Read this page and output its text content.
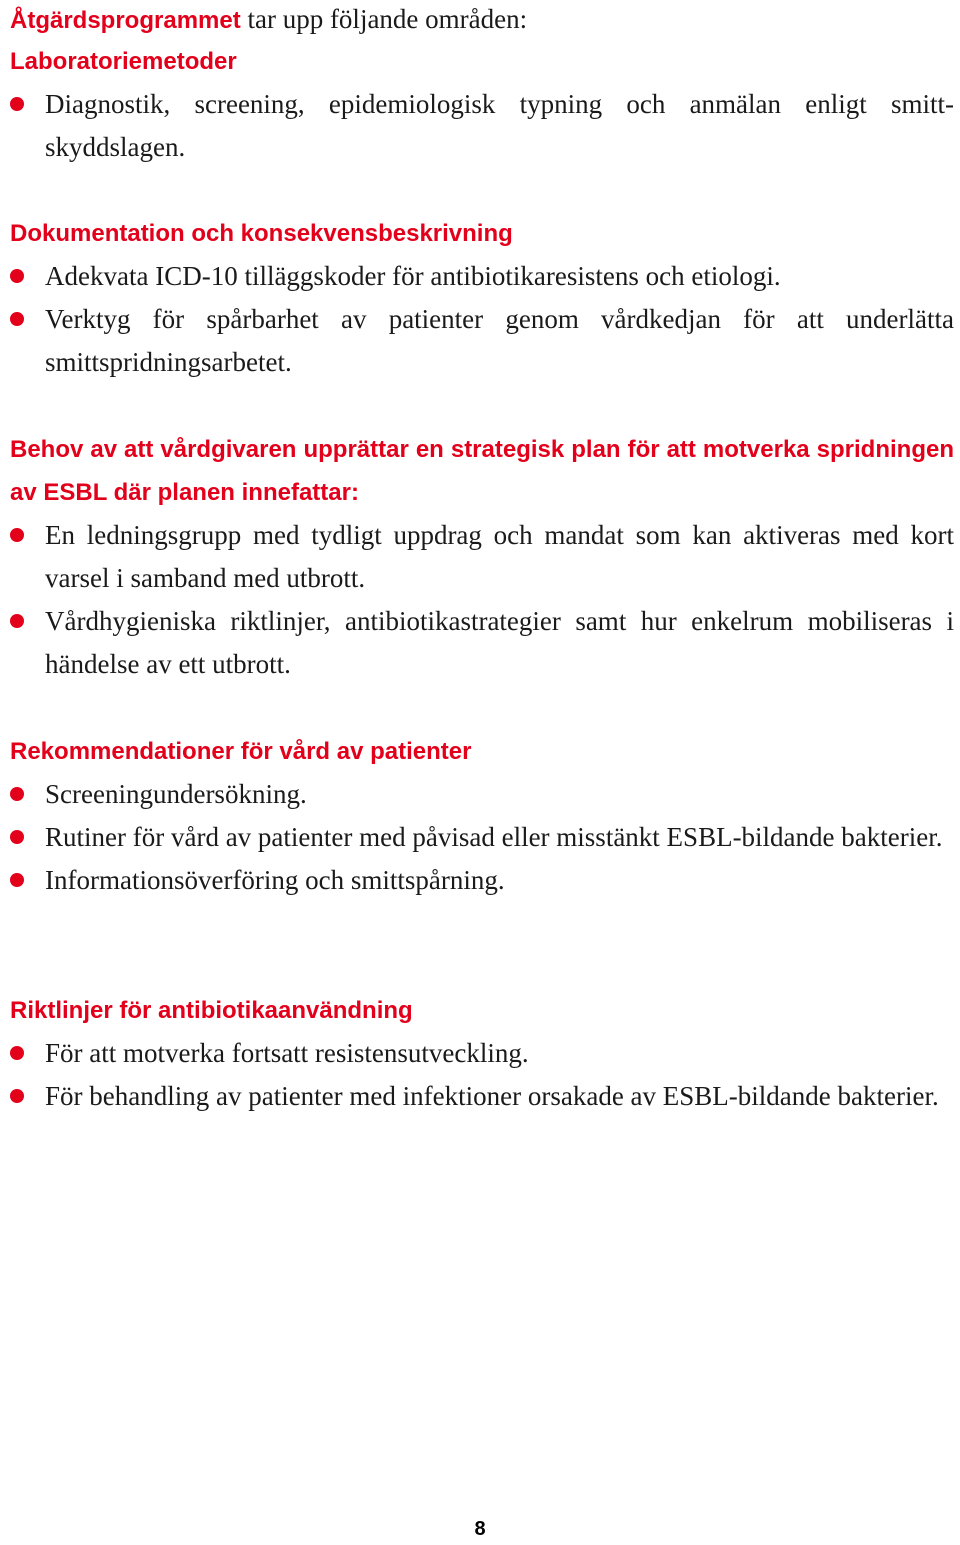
Åtgärdsprogrammet tar upp följande områden:
Laboratoriemetoder
Diagnostik, screening, epidemiologisk typning och anmälan enligt smittskyddslagen.
Dokumentation och konsekvensbeskrivning
Adekvata ICD-10 tilläggskoder för antibiotikaresistens och etiologi.
Verktyg för spårbarhet av patienter genom vårdkedjan för att underlätta smittspridningsarbetet.
Behov av att vårdgivaren upprättar en strategisk plan för att motverka spridningen av ESBL där planen innefattar:
En ledningsgrupp med tydligt uppdrag och mandat som kan aktiveras med kort varsel i samband med utbrott.
Vårdhygieniska riktlinjer, antibiotikastrategier samt hur enkelrum mobiliseras i händelse av ett utbrott.
Rekommendationer för vård av patienter
Screeningundersökning.
Rutiner för vård av patienter med påvisad eller misstänkt ESBL-bildande bakterier.
Informationsöverföring och smittspårning.
Riktlinjer för antibiotikaanvändning
För att motverka fortsatt resistensutveckling.
För behandling av patienter med infektioner orsakade av ESBL-bildande bakterier.
8
